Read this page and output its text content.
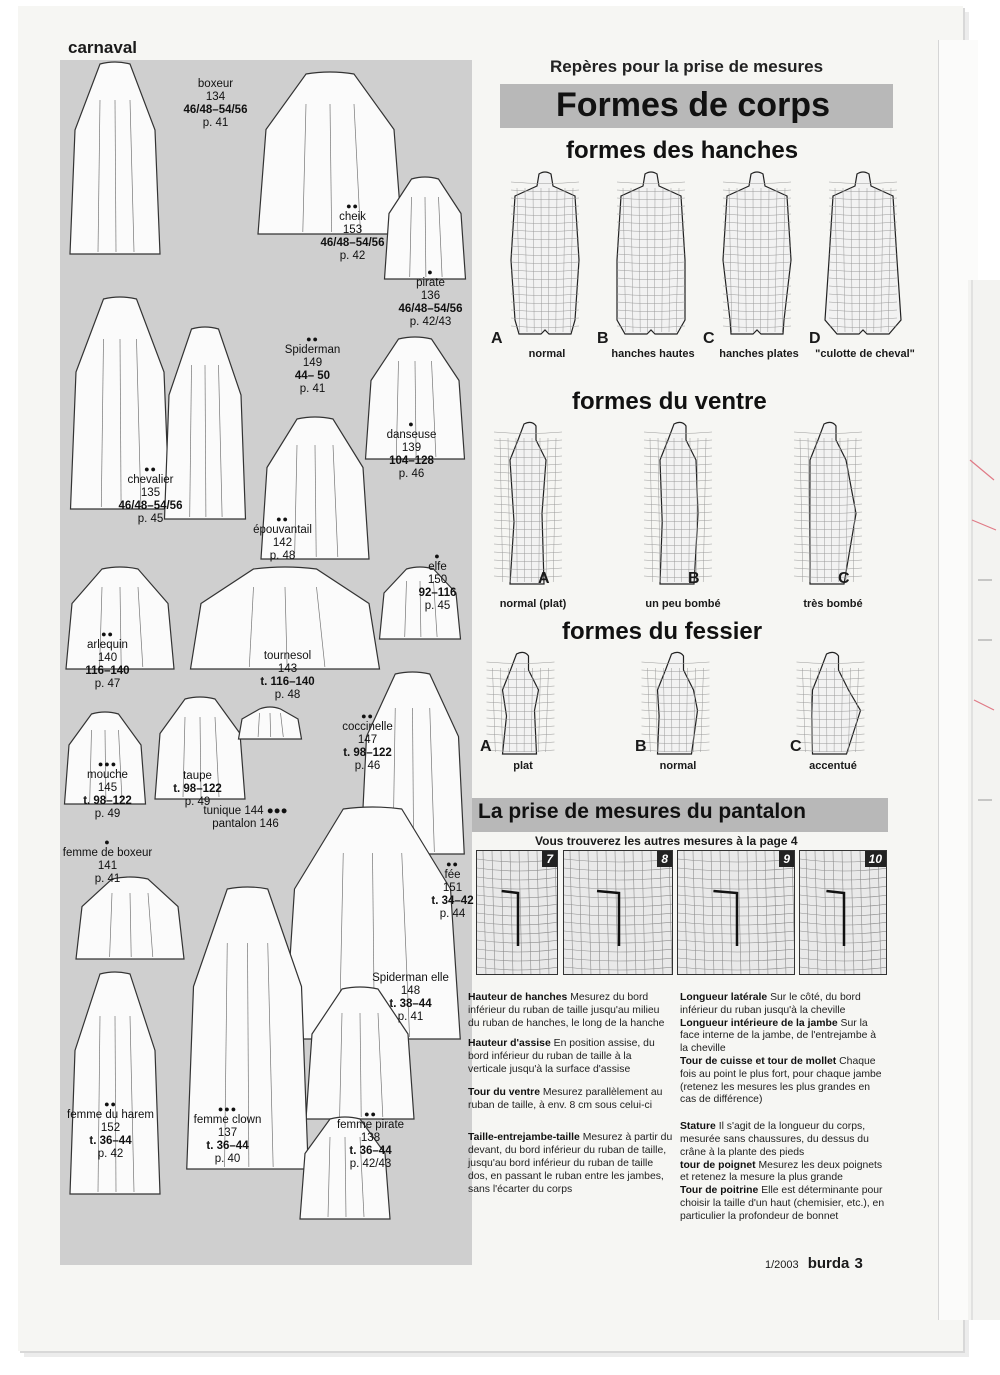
carnaval
boxeur
134
46/48–54/56
p. 41
●●
cheik
153
46/48–54/56
p. 42
●
pirate
136
46/48–54/56
p. 42/43
●●
Spiderman
149
44– 50
p. 41
●
danseuse
139
104–128
p. 46
●●
chevalier
135
46/48–54/56
p. 45	●●
épouvantail
142
p. 48	●
elfe
150
92–116
p. 45
●●
arlequin
140
116–140
p. 47
tournesol
143
t. 116–140
p. 48
●●
coccinelle
147
t. 98–122
p. 46
●●●
mouche
145
t. 98–122
p. 49
taupe
t. 98–122
p. 49
tunique 144 ●●●
pantalon 146
●
femme de boxeur
141
p. 41
●●
fée
151
t. 34–42
p. 44
Spiderman elle
148
t. 38–44
p. 41
●●
femme du harem
152
t. 36–44
p. 42
●●●
femme clown
137
t. 36–44
p. 40
●●
femme pirate
138
t. 36–44
p. 42/43
Repères pour la prise de mesures
Formes de corps
formes des hanches
A
normal
B
hanches hautes
C
hanches plates
D
"culotte de cheval"
formes du ventre
A
normal (plat)
B
un peu bombé
C
très bombé
formes du fessier
A
plat
B
normal
C
accentué
La prise de mesures du pantalon
Vous trouverez les autres mesures à la page 4
7	8	9	10
Hauteur de hanches Mesurez du bord inférieur du ruban de taille jusqu'au milieu du ruban de hanches, le long de la hanche
Hauteur d'assise En position assise, du bord inférieur du ruban de taille à la verticale jusqu'à la surface d'assise
Tour du ventre Mesurez parallèlement au ruban de taille, à env. 8 cm sous celui-ci
Taille-entrejambe-taille Mesurez à partir du devant, du bord inférieur du ruban de taille, jusqu'au bord inférieur du ruban de taille dos, en passant le ruban entre les jambes, sans l'écarter du corps
Longueur latérale Sur le côté, du bord inférieur du ruban jusqu'à la cheville
Longueur intérieure de la jambe Sur la face interne de la jambe, de l'entrejambe à la cheville
Tour de cuisse et tour de mollet Chaque fois au point le plus fort, pour chaque jambe (retenez les mesures les plus grandes en cas de différence)
Stature Il s'agit de la longueur du corps, mesurée sans chaussures, du dessus du crâne à la plante des pieds
tour de poignet Mesurez les deux poignets et retenez la mesure la plus grande
Tour de poitrine Elle est déterminante pour choisir la taille d'un haut (chemisier, etc.), en particulier la profondeur de bonnet
1/2003 burda 3
